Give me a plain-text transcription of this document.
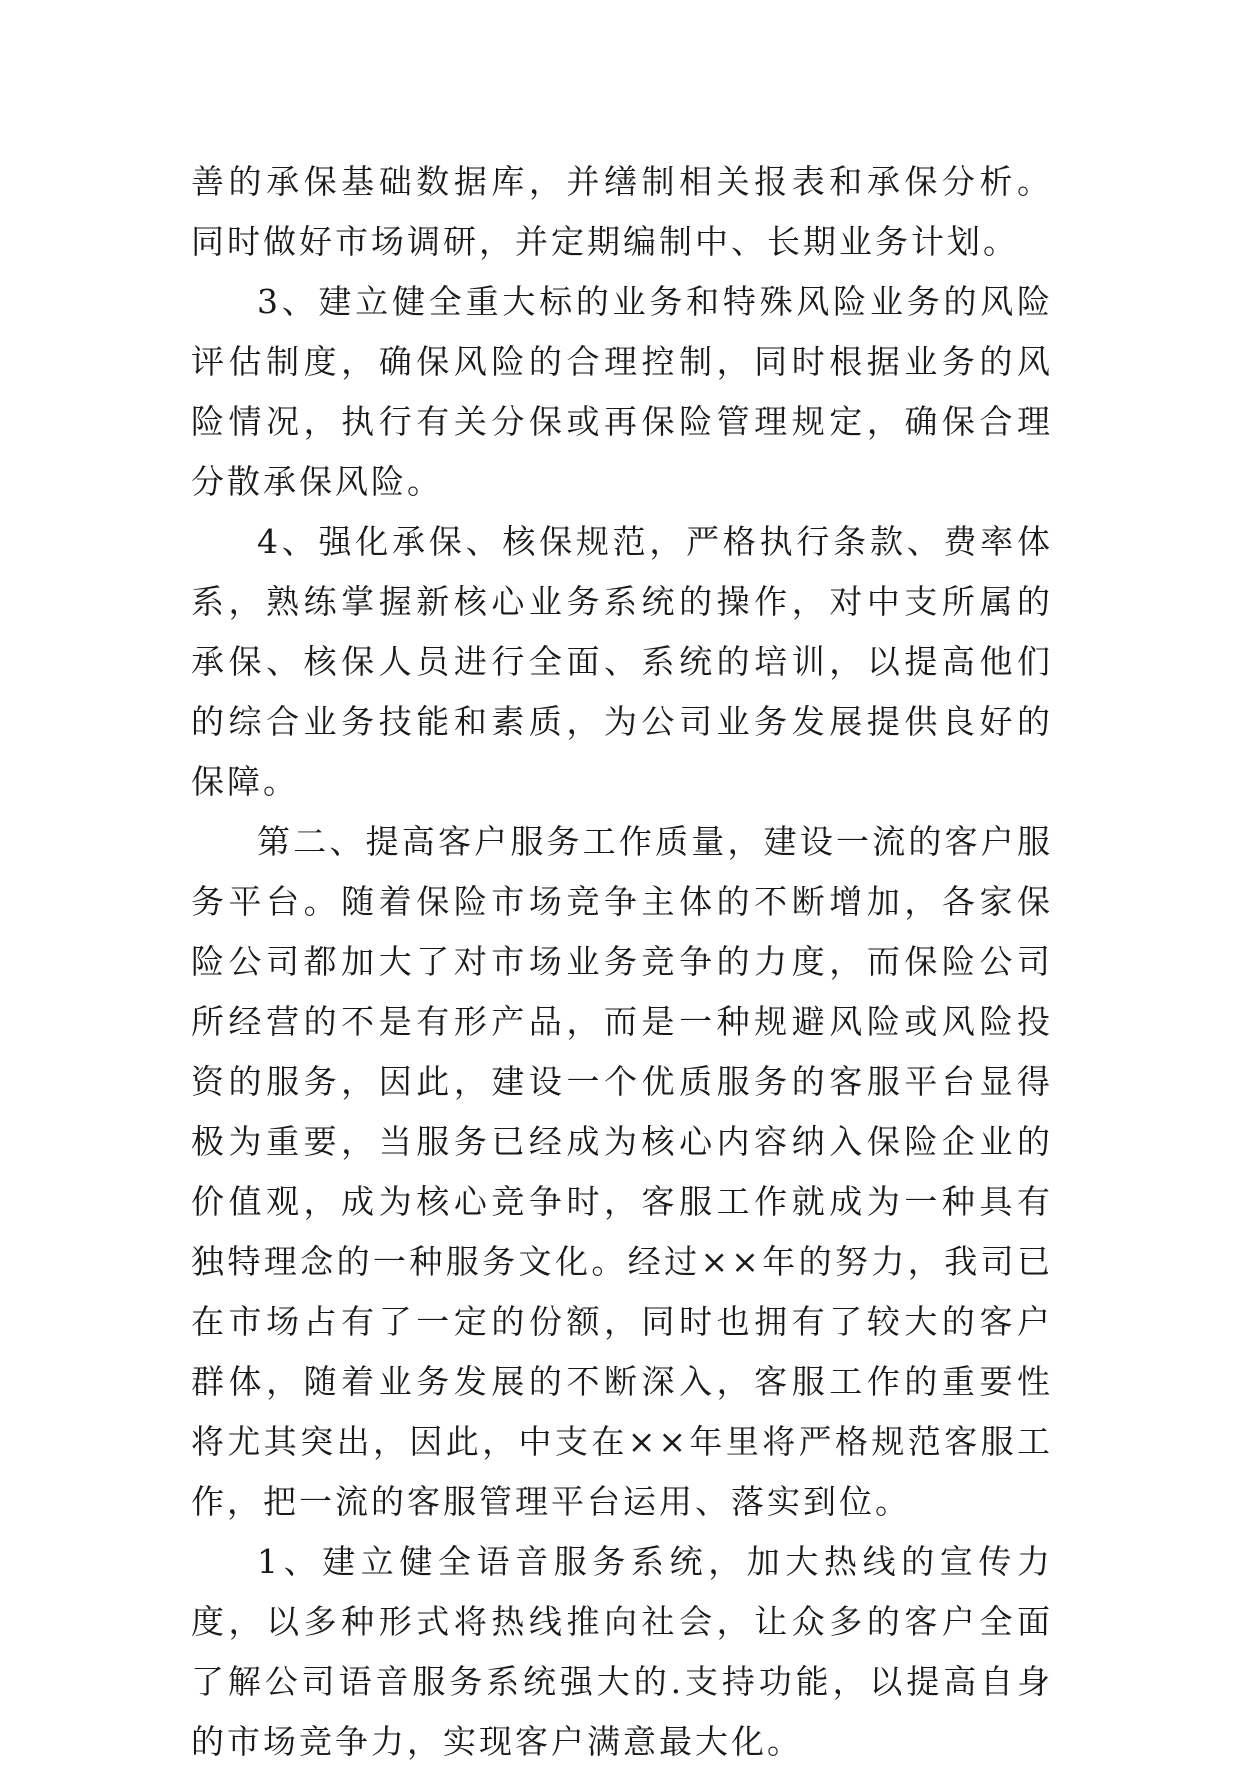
善的承保基础数据库，并缮制相关报表和承保分析。同时做好市场调研，并定期编制中、长期业务计划。

3、建立健全重大标的业务和特殊风险业务的风险评估制度，确保风险的合理控制，同时根据业务的风险情况，执行有关分保或再保险管理规定，确保合理分散承保风险。

4、强化承保、核保规范，严格执行条款、费率体系，熟练掌握新核心业务系统的操作，对中支所属的承保、核保人员进行全面、系统的培训，以提高他们的综合业务技能和素质，为公司业务发展提供良好的保障。

第二、提高客户服务工作质量，建设一流的客户服务平台。随着保险市场竞争主体的不断增加，各家保险公司都加大了对市场业务竞争的力度，而保险公司所经营的不是有形产品，而是一种规避风险或风险投资的服务，因此，建设一个优质服务的客服平台显得极为重要，当服务已经成为核心内容纳入保险企业的价值观，成为核心竞争时，客服工作就成为一种具有独特理念的一种服务文化。经过××年的努力，我司已在市场占有了一定的份额，同时也拥有了较大的客户群体，随着业务发展的不断深入，客服工作的重要性将尤其突出，因此，中支在××年里将严格规范客服工作，把一流的客服管理平台运用、落实到位。

1、建立健全语音服务系统，加大热线的宣传力度，以多种形式将热线推向社会，让众多的客户全面了解公司语音服务系统强大的.支持功能，以提高自身的市场竞争力，实现客户满意最大化。
